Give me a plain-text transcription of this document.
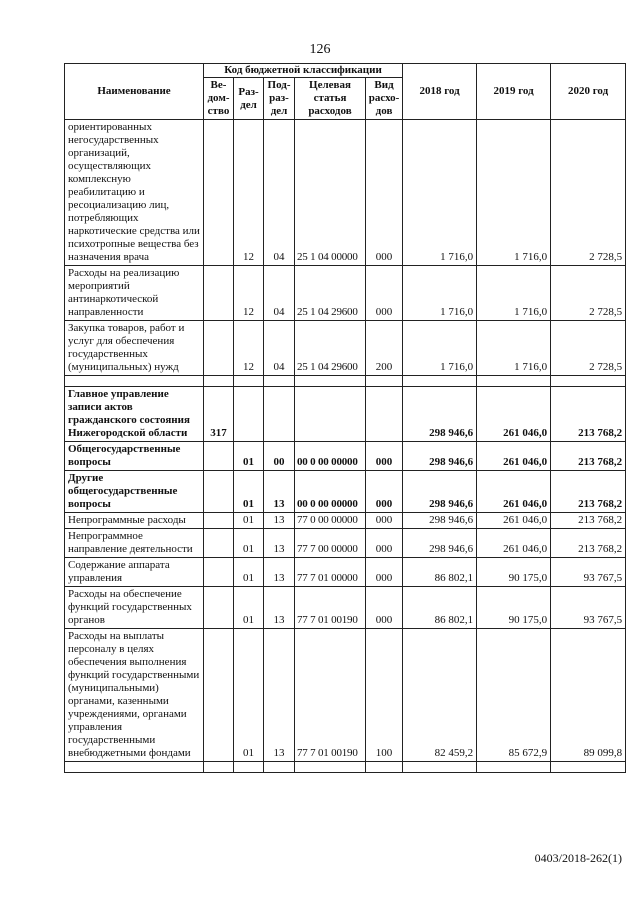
126
Наименование	Код бюджетной классификации					2018 год	2019 год	2020 год
	Ве-дом-ство	Раз-дел	Под-раз-дел	Целевая статья расходов	Вид расхо-дов			
ориентированных негосударственных организаций, осуществляющих комплексную реабилитацию и ресоциализацию лиц, потребляющих наркотические средства или психотропные вещества без назначения врача		12	04	25 1 04 00000	000	1 716,0	1 716,0	2 728,5
Расходы на реализацию мероприятий антинаркотической направленности		12	04	25 1 04 29600	000	1 716,0	1 716,0	2 728,5
Закупка товаров, работ и услуг для обеспечения государственных (муниципальных) нужд		12	04	25 1 04 29600	200	1 716,0	1 716,0	2 728,5

Главное управление записи актов гражданского состояния Нижегородской области	317					298 946,6	261 046,0	213 768,2
Общегосударственные вопросы		01	00	00 0 00 00000	000	298 946,6	261 046,0	213 768,2
Другие общегосударственные вопросы		01	13	00 0 00 00000	000	298 946,6	261 046,0	213 768,2
Непрограммные расходы		01	13	77 0 00 00000	000	298 946,6	261 046,0	213 768,2
Непрограммное направление деятельности		01	13	77 7 00 00000	000	298 946,6	261 046,0	213 768,2
Содержание аппарата управления		01	13	77 7 01 00000	000	86 802,1	90 175,0	93 767,5
Расходы на обеспечение функций государственных органов		01	13	77 7 01 00190	000	86 802,1	90 175,0	93 767,5
Расходы на выплаты персоналу в целях обеспечения выполнения функций государственными (муниципальными) органами, казенными учреждениями, органами управления государственными внебюджетными фондами		01	13	77 7 01 00190	100	82 459,2	85 672,9	89 099,8

0403/2018-262(1)
